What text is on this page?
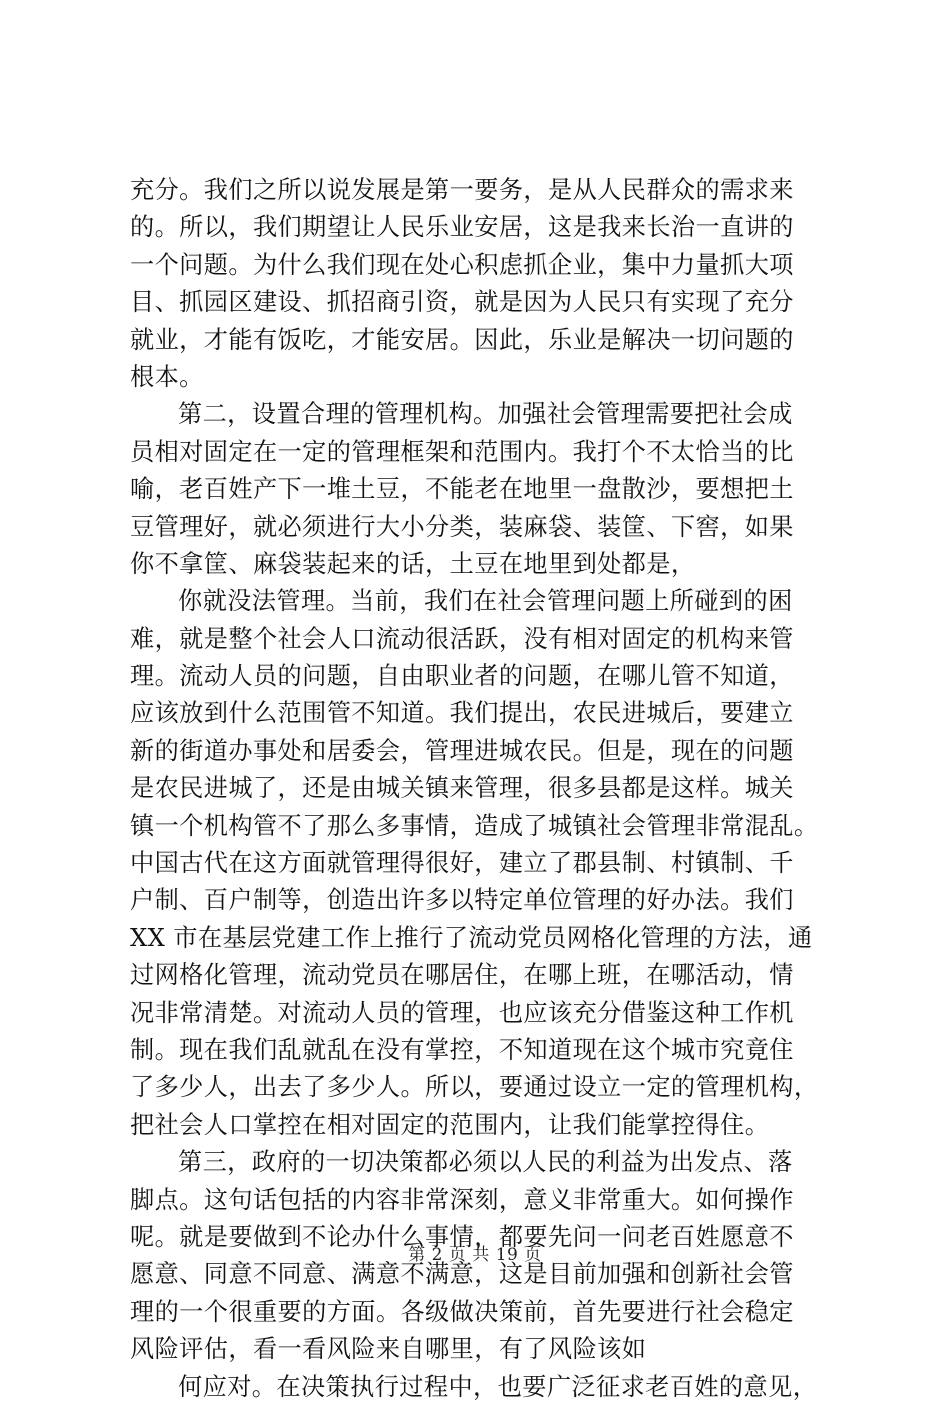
充分。我们之所以说发展是第一要务，是从人民群众的需求来
的。所以，我们期望让人民乐业安居，这是我来长治一直讲的
一个问题。为什么我们现在处心积虑抓企业，集中力量抓大项
目、抓园区建设、抓招商引资，就是因为人民只有实现了充分
就业，才能有饭吃，才能安居。因此，乐业是解决一切问题的
根本。
第二，设置合理的管理机构。加强社会管理需要把社会成
员相对固定在一定的管理框架和范围内。我打个不太恰当的比
喻，老百姓产下一堆土豆，不能老在地里一盘散沙，要想把土
豆管理好，就必须进行大小分类，装麻袋、装筐、下窖，如果
你不拿筐、麻袋装起来的话，土豆在地里到处都是，
你就没法管理。当前，我们在社会管理问题上所碰到的困
难，就是整个社会人口流动很活跃，没有相对固定的机构来管
理。流动人员的问题，自由职业者的问题，在哪儿管不知道，
应该放到什么范围管不知道。我们提出，农民进城后，要建立
新的街道办事处和居委会，管理进城农民。但是，现在的问题
是农民进城了，还是由城关镇来管理，很多县都是这样。城关
镇一个机构管不了那么多事情，造成了城镇社会管理非常混乱。
中国古代在这方面就管理得很好，建立了郡县制、村镇制、千
户制、百户制等，创造出许多以特定单位管理的好办法。我们
XX 市在基层党建工作上推行了流动党员网格化管理的方法，通
过网格化管理，流动党员在哪居住，在哪上班，在哪活动，情
况非常清楚。对流动人员的管理，也应该充分借鉴这种工作机
制。现在我们乱就乱在没有掌控，不知道现在这个城市究竟住
了多少人，出去了多少人。所以，要通过设立一定的管理机构，
把社会人口掌控在相对固定的范围内，让我们能掌控得住。
第三，政府的一切决策都必须以人民的利益为出发点、落
脚点。这句话包括的内容非常深刻，意义非常重大。如何操作
呢。就是要做到不论办什么事情，都要先问一问老百姓愿意不
愿意、同意不同意、满意不满意，这是目前加强和创新社会管
理的一个很重要的方面。各级做决策前，首先要进行社会稳定
风险评估，看一看风险来自哪里，有了风险该如
何应对。在决策执行过程中，也要广泛征求老百姓的意见，
第 2 页 共 19 页
